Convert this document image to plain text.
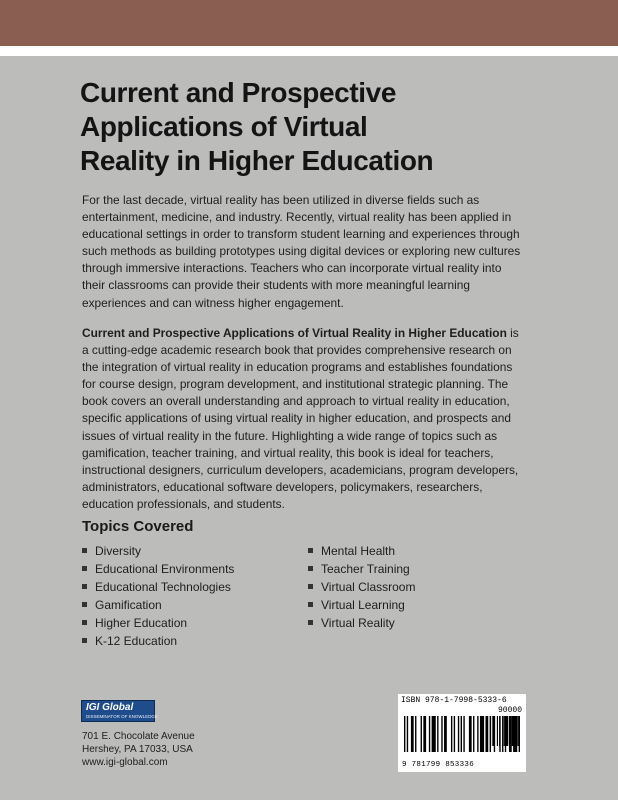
Current and Prospective
Applications of Virtual
Reality in Higher Education

For the last decade, virtual reality has been utilized in diverse fields such as entertainment, medicine, and industry. Recently, virtual reality has been applied in educational settings in order to transform student learning and experiences through such methods as building prototypes using digital devices or exploring new cultures through immersive interactions. Teachers who can incorporate virtual reality into their classrooms can provide their students with more meaningful learning experiences and can witness higher engagement.

Current and Prospective Applications of Virtual Reality in Higher Education is a cutting-edge academic research book that provides comprehensive research on the integration of virtual reality in education programs and establishes foundations for course design, program development, and institutional strategic planning. The book covers an overall understanding and approach to virtual reality in education, specific applications of using virtual reality in higher education, and prospects and issues of virtual reality in the future. Highlighting a wide range of topics such as gamification, teacher training, and virtual reality, this book is ideal for teachers, instructional designers, curriculum developers, academicians, program developers, administrators, educational software developers, policymakers, researchers, education professionals, and students.

Topics Covered
Diversity
Educational Environments
Educational Technologies
Gamification
Higher Education
K-12 Education
Mental Health
Teacher Training
Virtual Classroom
Virtual Learning
Virtual Reality
IGI Global
DISSEMINATOR OF KNOWLEDGE
701 E. Chocolate Avenue
Hershey, PA 17033, USA
www.igi-global.com
ISBN 978-1-7998-5333-6
90000
9 781799 853336
